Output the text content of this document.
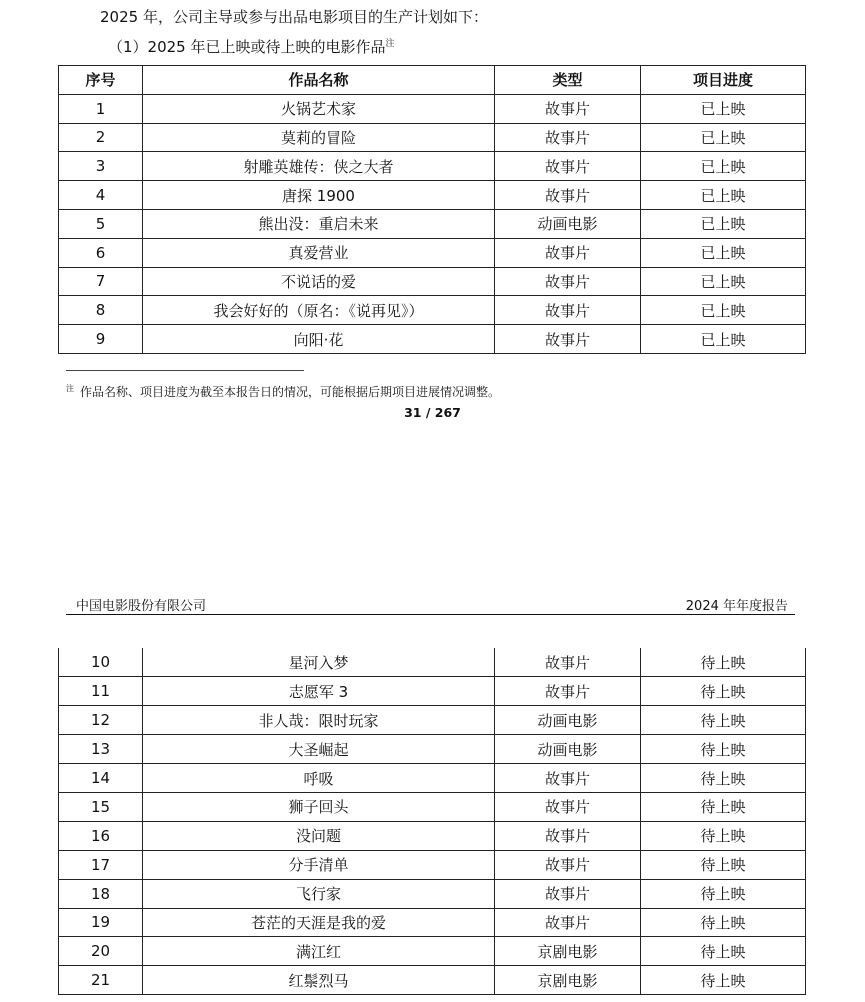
2025 年，公司主导或参与出品电影项目的生产计划如下：
（1）2025 年已上映或待上映的电影作品$^注$
序号	作品名称	类型	项目进度
1	火锅艺术家	故事片	已上映
2	莫莉的冒险	故事片	已上映
3	射雕英雄传：侠之大者	故事片	已上映
4	唐探 1900	故事片	已上映
5	熊出没：重启未来	动画电影	已上映
6	真爱营业	故事片	已上映
7	不说话的爱	故事片	已上映
8	我会好好的（原名：《说再见》）	故事片	已上映
9	向阳·花	故事片	已上映
$^注$ 作品名称、项目进度为截至本报告日的情况，可能根据后期项目进展情况调整。
31 / 267
中国电影股份有限公司	2024 年年度报告
10	星河入梦	故事片	待上映
11	志愿军 3	故事片	待上映
12	非人哉：限时玩家	动画电影	待上映
13	大圣崛起	动画电影	待上映
14	呼吸	故事片	待上映
15	狮子回头	故事片	待上映
16	没问题	故事片	待上映
17	分手清单	故事片	待上映
18	飞行家	故事片	待上映
19	苍茫的天涯是我的爱	故事片	待上映
20	满江红	京剧电影	待上映
21	红鬃烈马	京剧电影	待上映
